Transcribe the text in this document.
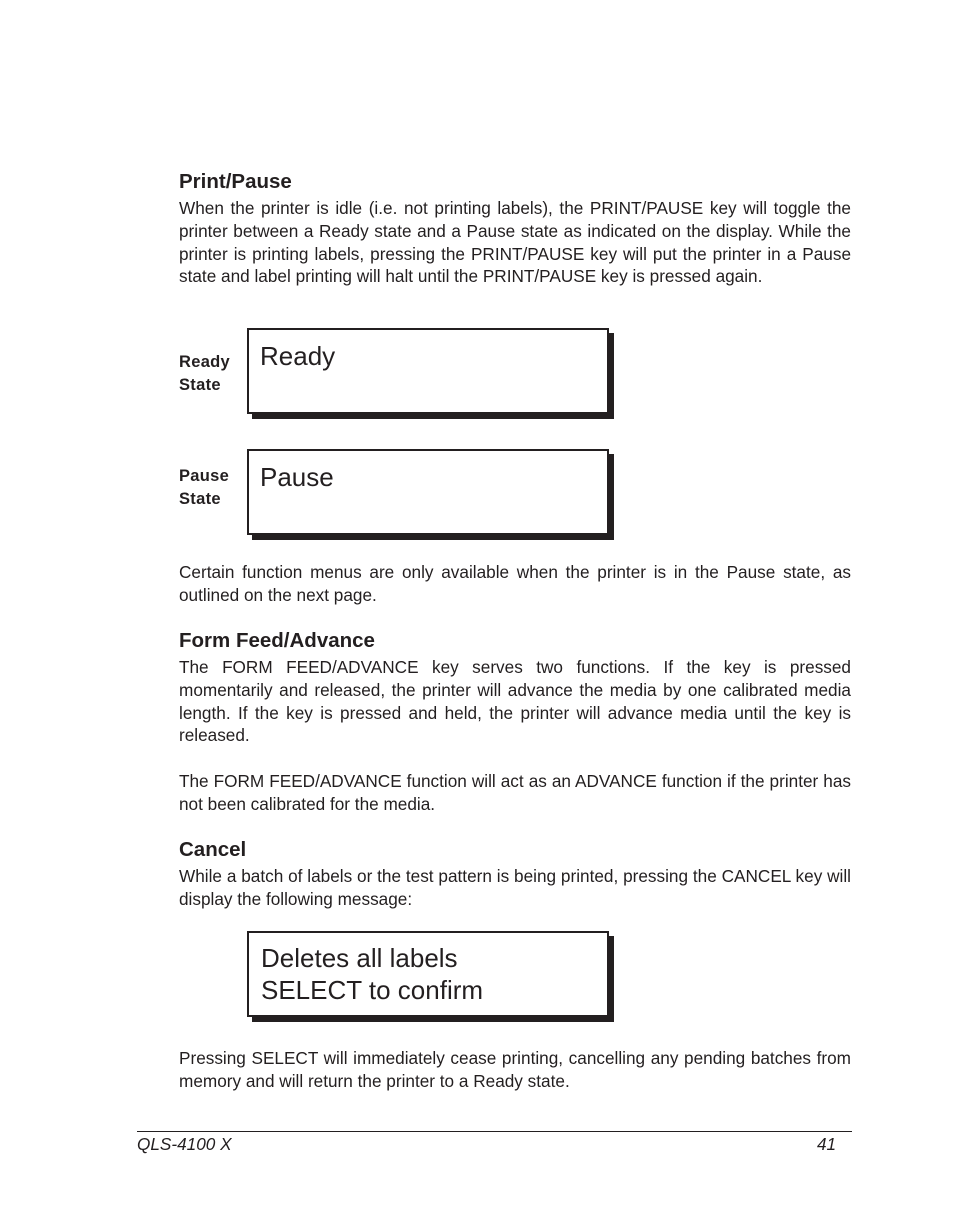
Print/Pause
When the printer is idle (i.e. not printing labels), the PRINT/PAUSE key will toggle the printer between a Ready state and a Pause state as indicated on the display. While the printer is printing labels, pressing the PRINT/PAUSE key will put the printer in a Pause state and label printing will halt until the PRINT/PAUSE key is pressed again.
Ready
State
Ready
Pause
State
Pause
Certain function menus are only available when the printer is in the Pause state, as outlined on the next page.
Form Feed/Advance
The FORM FEED/ADVANCE key serves two functions. If the key is pressed momentarily and released, the printer will advance the media by one calibrated media length. If the key is pressed and held, the printer will advance media until the key is released.
The FORM FEED/ADVANCE function will act as an ADVANCE function if the printer has not been calibrated for the media.
Cancel
While a batch of labels or the test pattern is being printed, pressing the CANCEL key will display the following message:
Deletes all labels
SELECT to confirm
Pressing SELECT will immediately cease printing, cancelling any pending batches from memory and will return the printer to a Ready state.
QLS-4100 X	41
